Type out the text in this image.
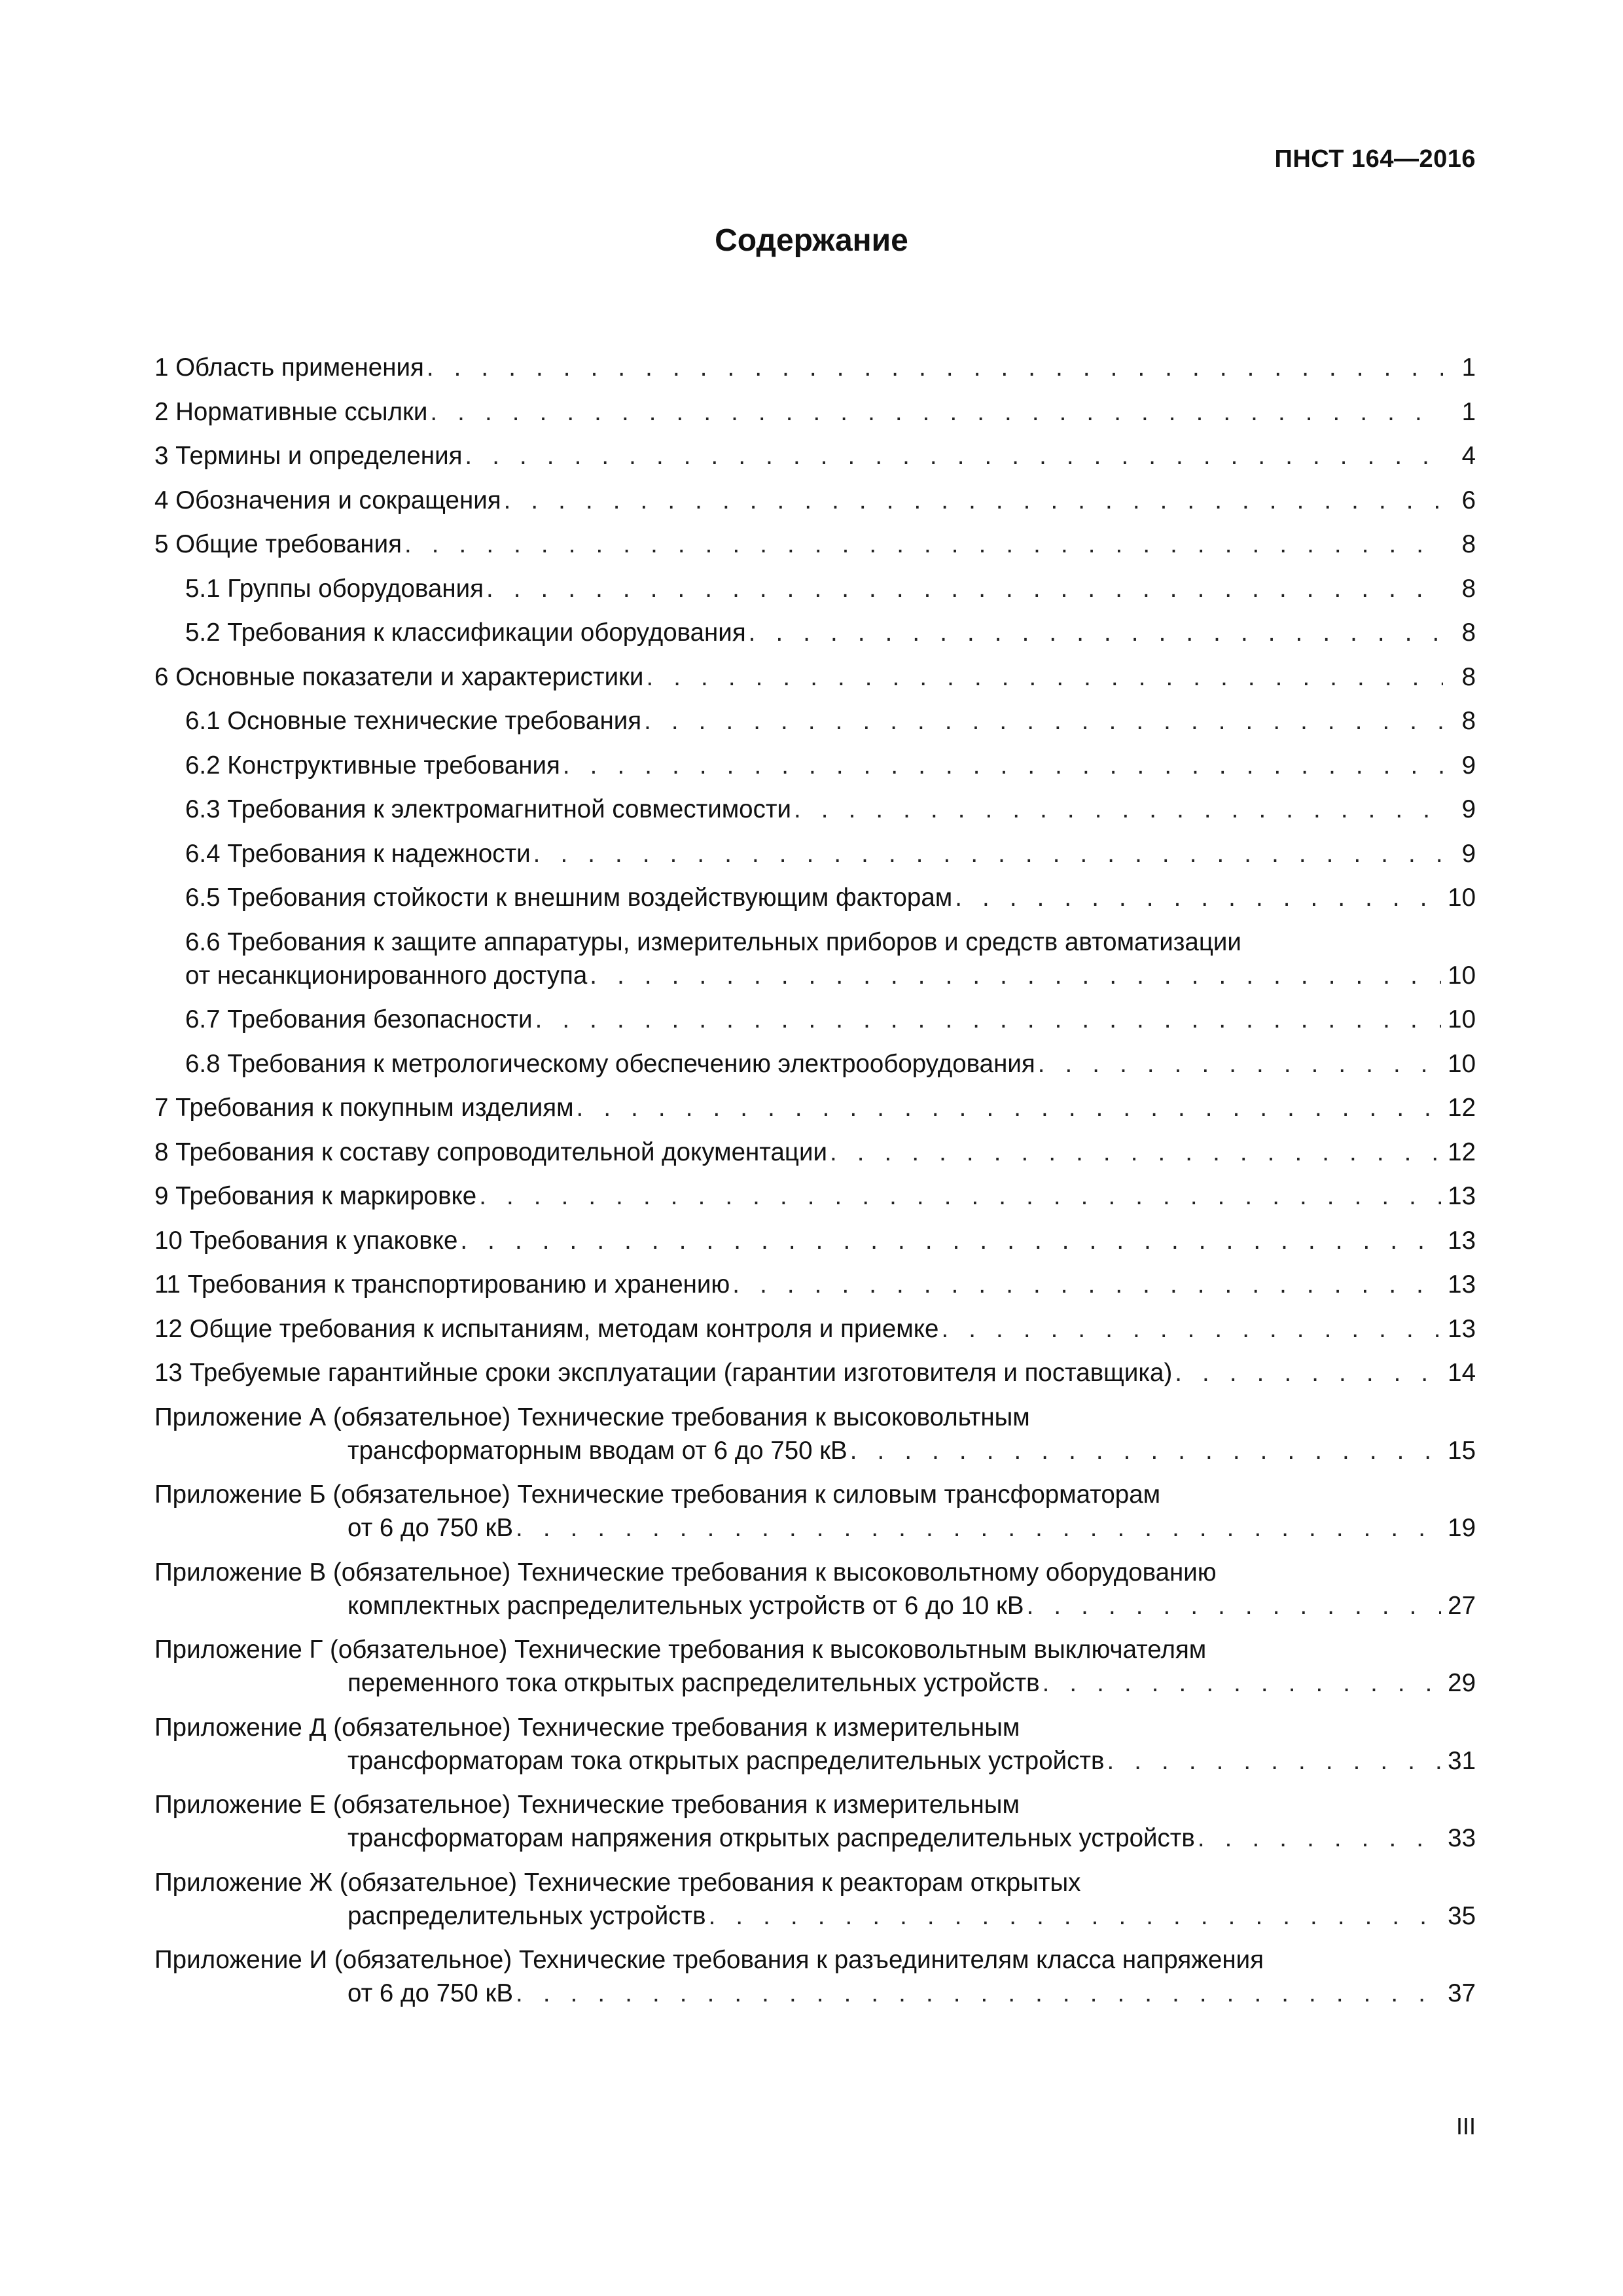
ПНСТ 164—2016
Содержание
1 Область применения . . .	1
2 Нормативные ссылки . . .	1
3 Термины и определения . . .	4
4 Обозначения и сокращения . . .	6
5 Общие требования . . .	8
5.1 Группы оборудования . . .	8
5.2 Требования к классификации оборудования . . .	8
6 Основные показатели и характеристики . . .	8
6.1 Основные технические требования . . .	8
6.2 Конструктивные требования . . .	9
6.3 Требования к электромагнитной совместимости . . .	9
6.4 Требования к надежности . . .	9
6.5 Требования стойкости к внешним воздействующим факторам . . .	10
6.6 Требования к защите аппаратуры, измерительных приборов и средств автоматизации
от несанкционированного доступа . . .	10
6.7 Требования безопасности . . .	10
6.8 Требования к метрологическому обеспечению электрооборудования . . .	10
7 Требования к покупным изделиям . . .	12
8 Требования к составу сопроводительной документации . . .	12
9 Требования к маркировке . . .	13
10 Требования к упаковке . . .	13
11 Требования к транспортированию и хранению . . .	13
12 Общие требования к испытаниям, методам контроля и приемке . . .	13
13 Требуемые гарантийные сроки эксплуатации (гарантии изготовителя и поставщика) . . .	14
Приложение А (обязательное) Технические требования к высоковольтным
трансформаторным вводам от 6 до 750 кВ . . .	15
Приложение Б (обязательное) Технические требования к силовым трансформаторам
от 6 до 750 кВ . . .	19
Приложение В (обязательное) Технические требования к высоковольтному оборудованию
комплектных распределительных устройств от 6 до 10 кВ . . .	27
Приложение Г (обязательное) Технические требования к высоковольтным выключателям
переменного тока открытых распределительных устройств . . .	29
Приложение Д (обязательное) Технические требования к измерительным
трансформаторам тока открытых распределительных устройств . . .	31
Приложение Е (обязательное) Технические требования к измерительным
трансформаторам напряжения открытых распределительных устройств . . .	33
Приложение Ж (обязательное) Технические требования к реакторам открытых
распределительных устройств . . .	35
Приложение И (обязательное) Технические требования к разъединителям класса напряжения
от 6 до 750 кВ . . .	37
III
